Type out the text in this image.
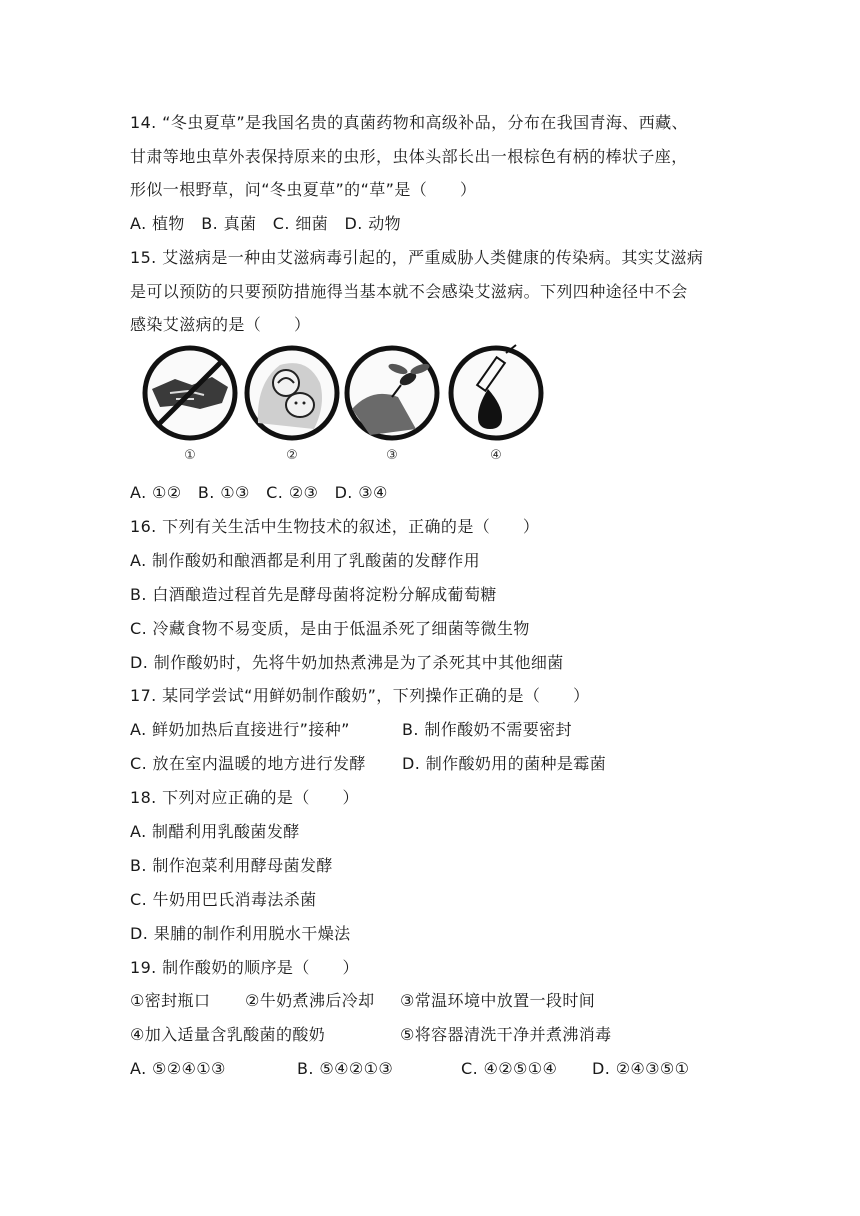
14. “冬虫夏草”是我国名贵的真菌药物和高级补品，分布在我国青海、西藏、
甘肃等地虫草外表保持原来的虫形，虫体头部长出一根棕色有柄的棒状子座，
形似一根野草，问“冬虫夏草”的“草”是（　　）
A. 植物　B. 真菌　C. 细菌　D. 动物
15. 艾滋病是一种由艾滋病毒引起的，严重威胁人类健康的传染病。其实艾滋病
是可以预防的只要预防措施得当基本就不会感染艾滋病。下列四种途径中不会
感染艾滋病的是（　　）
①	②	③	④
A. ①②　B. ①③　C. ②③　D. ③④
16. 下列有关生活中生物技术的叙述，正确的是（　　）
A. 制作酸奶和酿酒都是利用了乳酸菌的发酵作用
B. 白酒酿造过程首先是酵母菌将淀粉分解成葡萄糖
C. 冷藏食物不易变质，是由于低温杀死了细菌等微生物
D. 制作酸奶时，先将牛奶加热煮沸是为了杀死其中其他细菌
17. 某同学尝试“用鲜奶制作酸奶”，下列操作正确的是（　　）
A. 鲜奶加热后直接进行”接种”	B. 制作酸奶不需要密封
C. 放在室内温暖的地方进行发酵 D. 制作酸奶用的菌种是霉菌
18. 下列对应正确的是（　　）
A. 制醋利用乳酸菌发酵
B. 制作泡菜利用酵母菌发酵
C. 牛奶用巴氏消毒法杀菌
D. 果脯的制作利用脱水干燥法
19. 制作酸奶的顺序是（　　）
①密封瓶口 ②牛奶煮沸后冷却 ③常温环境中放置一段时间
④加入适量含乳酸菌的酸奶	⑤将容器清洗干净并煮沸消毒
A. ⑤②④①③	B. ⑤④②①③	C. ④②⑤①④ D. ②④③⑤①
